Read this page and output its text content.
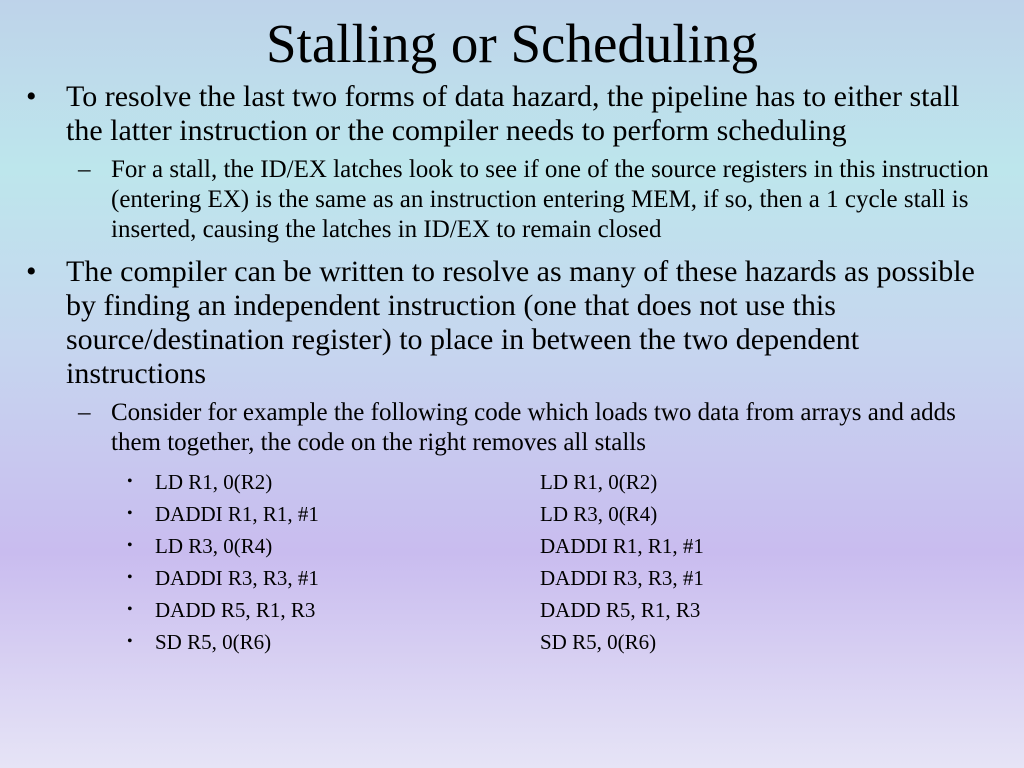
Stalling or Scheduling
• To resolve the last two forms of data hazard, the pipeline has to either stall the latter instruction or the compiler needs to perform scheduling
– For a stall, the ID/EX latches look to see if one of the source registers in this instruction (entering EX) is the same as an instruction entering MEM, if so, then a 1 cycle stall is inserted, causing the latches in ID/EX to remain closed
• The compiler can be written to resolve as many of these hazards as possible by finding an independent instruction (one that does not use this source/destination register) to place in between the two dependent instructions
– Consider for example the following code which loads two data from arrays and adds them together, the code on the right removes all stalls
• LD R1, 0(R2)	LD R1, 0(R2)
• DADDI R1, R1, #1	LD R3, 0(R4)
• LD R3, 0(R4)	DADDI R1, R1, #1
• DADDI R3, R3, #1	DADDI R3, R3, #1
• DADD R5, R1, R3	DADD R5, R1, R3
• SD R5, 0(R6)	SD R5, 0(R6)
